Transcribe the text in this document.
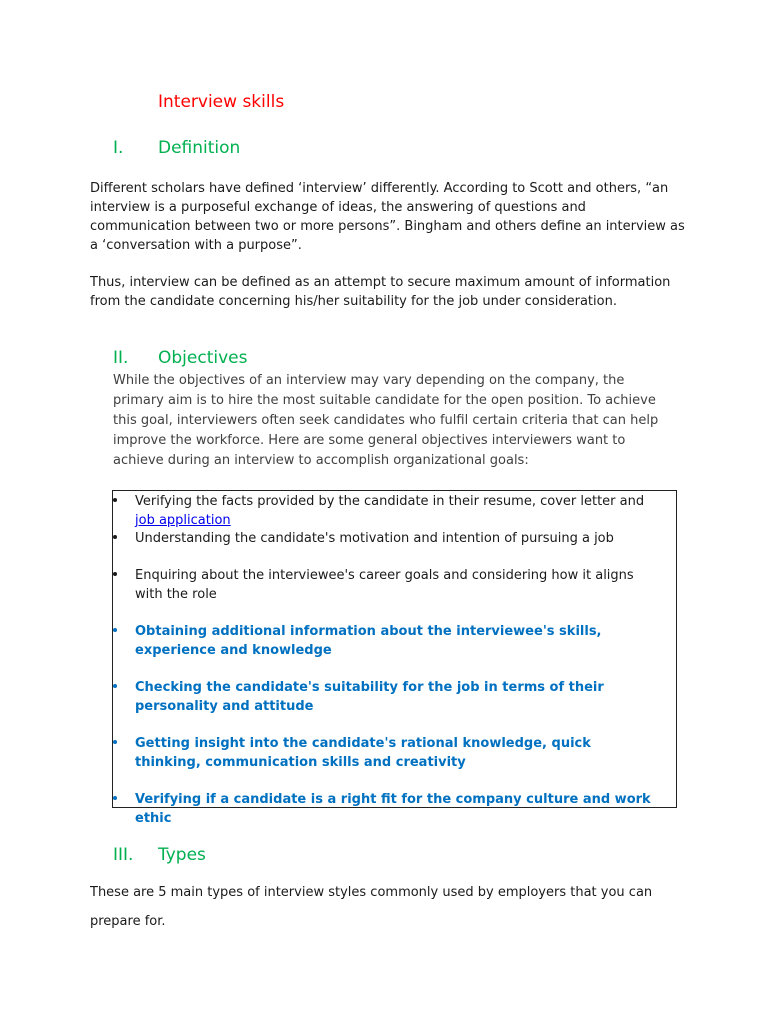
Interview skills
I. Definition
Different scholars have defined ‘interview’ differently. According to Scott and others, “an interview is a purposeful exchange of ideas, the answering of questions and communication between two or more persons”. Bingham and others define an interview as a ‘conversation with a purpose”.
Thus, interview can be defined as an attempt to secure maximum amount of information from the candidate concerning his/her suitability for the job under consideration.
II. Objectives
While the objectives of an interview may vary depending on the company, the primary aim is to hire the most suitable candidate for the open position. To achieve this goal, interviewers often seek candidates who fulfil certain criteria that can help improve the workforce. Here are some general objectives interviewers want to achieve during an interview to accomplish organizational goals:
Verifying the facts provided by the candidate in their resume, cover letter and job application
Understanding the candidate's motivation and intention of pursuing a job
Enquiring about the interviewee's career goals and considering how it aligns with the role
Obtaining additional information about the interviewee's skills, experience and knowledge
Checking the candidate's suitability for the job in terms of their personality and attitude
Getting insight into the candidate's rational knowledge, quick thinking, communication skills and creativity
Verifying if a candidate is a right fit for the company culture and work ethic
III. Types
These are 5 main types of interview styles commonly used by employers that you can prepare for.
